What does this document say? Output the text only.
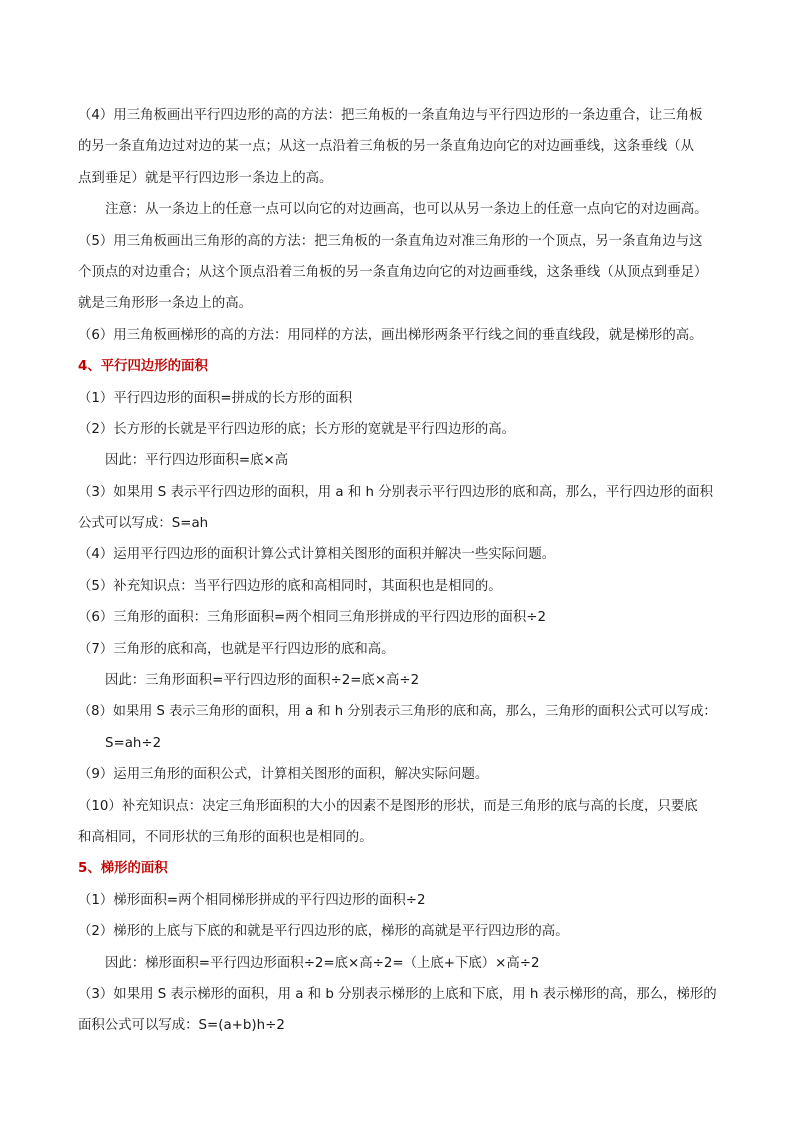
（4）用三角板画出平行四边形的高的方法：把三角板的一条直角边与平行四边形的一条边重合，让三角板
的另一条直角边过对边的某一点；从这一点沿着三角板的另一条直角边向它的对边画垂线，这条垂线（从
点到垂足）就是平行四边形一条边上的高。
注意：从一条边上的任意一点可以向它的对边画高，也可以从另一条边上的任意一点向它的对边画高。
（5）用三角板画出三角形的高的方法：把三角板的一条直角边对准三角形的一个顶点，另一条直角边与这
个顶点的对边重合；从这个顶点沿着三角板的另一条直角边向它的对边画垂线，这条垂线（从顶点到垂足）
就是三角形形一条边上的高。
（6）用三角板画梯形的高的方法：用同样的方法，画出梯形两条平行线之间的垂直线段，就是梯形的高。
4、平行四边形的面积
（1）平行四边形的面积=拼成的长方形的面积
（2）长方形的长就是平行四边形的底；长方形的宽就是平行四边形的高。
因此：平行四边形面积=底×高
（3）如果用 S 表示平行四边形的面积，用 a 和 h 分别表示平行四边形的底和高，那么，平行四边形的面积
公式可以写成：S=ah
（4）运用平行四边形的面积计算公式计算相关图形的面积并解决一些实际问题。
（5）补充知识点：当平行四边形的底和高相同时，其面积也是相同的。
（6）三角形的面积：三角形面积=两个相同三角形拼成的平行四边形的面积÷2
（7）三角形的底和高，也就是平行四边形的底和高。
因此：三角形面积=平行四边形的面积÷2=底×高÷2
（8）如果用 S 表示三角形的面积，用 a 和 h 分别表示三角形的底和高，那么，三角形的面积公式可以写成：
S=ah÷2
（9）运用三角形的面积公式，计算相关图形的面积，解决实际问题。
（10）补充知识点：决定三角形面积的大小的因素不是图形的形状，而是三角形的底与高的长度，只要底
和高相同，不同形状的三角形的面积也是相同的。
5、梯形的面积
（1）梯形面积=两个相同梯形拼成的平行四边形的面积÷2
（2）梯形的上底与下底的和就是平行四边形的底，梯形的高就是平行四边形的高。
因此：梯形面积=平行四边形面积÷2=底×高÷2=（上底+下底）×高÷2
（3）如果用 S 表示梯形的面积，用 a 和 b 分别表示梯形的上底和下底，用 h 表示梯形的高，那么，梯形的
面积公式可以写成：S=(a+b)h÷2
